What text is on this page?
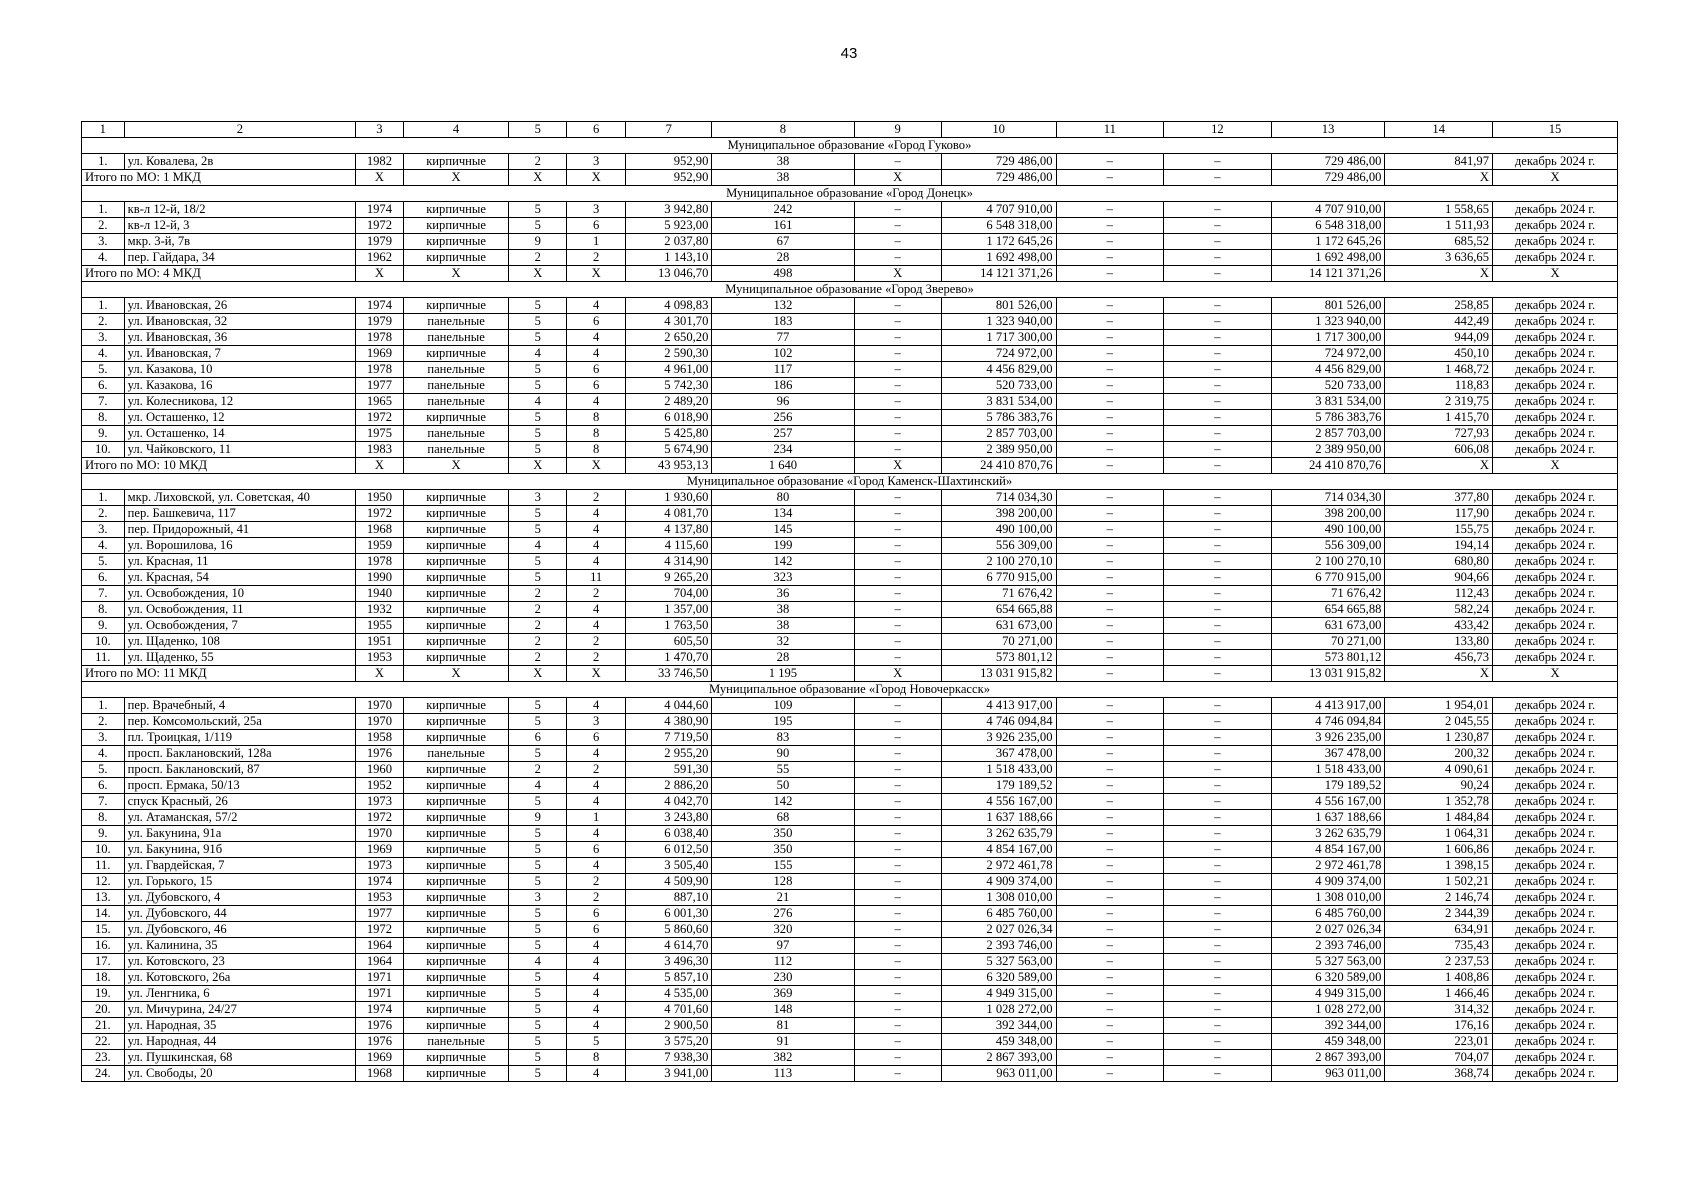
43
1	2	3	4	5	6	7	8	9	10	11	12	13	14	15
Муниципальное образование «Город Гуково»														
1.	ул. Ковалева, 2в	1982	кирпичные	2	3	952,90	38	–	729 486,00	–	–	729 486,00	841,97	декабрь 2024 г.
Итого по МО: 1 МКД		X	X	X	X	952,90	38	X	729 486,00	–	–	729 486,00	X	X
Муниципальное образование «Город Донецк»														
1.	кв-л 12-й, 18/2	1974	кирпичные	5	3	3 942,80	242	–	4 707 910,00	–	–	4 707 910,00	1 558,65	декабрь 2024 г.
2.	кв-л 12-й, 3	1972	кирпичные	5	6	5 923,00	161	–	6 548 318,00	–	–	6 548 318,00	1 511,93	декабрь 2024 г.
3.	мкр. 3-й, 7в	1979	кирпичные	9	1	2 037,80	67	–	1 172 645,26	–	–	1 172 645,26	685,52	декабрь 2024 г.
4.	пер. Гайдара, 34	1962	кирпичные	2	2	1 143,10	28	–	1 692 498,00	–	–	1 692 498,00	3 636,65	декабрь 2024 г.
Итого по МО: 4 МКД		X	X	X	X	13 046,70	498	X	14 121 371,26	–	–	14 121 371,26	X	X
Муниципальное образование «Город Зверево»														
1.	ул. Ивановская, 26	1974	кирпичные	5	4	4 098,83	132	–	801 526,00	–	–	801 526,00	258,85	декабрь 2024 г.
2.	ул. Ивановская, 32	1979	панельные	5	6	4 301,70	183	–	1 323 940,00	–	–	1 323 940,00	442,49	декабрь 2024 г.
3.	ул. Ивановская, 36	1978	панельные	5	4	2 650,20	77	–	1 717 300,00	–	–	1 717 300,00	944,09	декабрь 2024 г.
4.	ул. Ивановская, 7	1969	кирпичные	4	4	2 590,30	102	–	724 972,00	–	–	724 972,00	450,10	декабрь 2024 г.
5.	ул. Казакова, 10	1978	панельные	5	6	4 961,00	117	–	4 456 829,00	–	–	4 456 829,00	1 468,72	декабрь 2024 г.
6.	ул. Казакова, 16	1977	панельные	5	6	5 742,30	186	–	520 733,00	–	–	520 733,00	118,83	декабрь 2024 г.
7.	ул. Колесникова, 12	1965	панельные	4	4	2 489,20	96	–	3 831 534,00	–	–	3 831 534,00	2 319,75	декабрь 2024 г.
8.	ул. Осташенко, 12	1972	кирпичные	5	8	6 018,90	256	–	5 786 383,76	–	–	5 786 383,76	1 415,70	декабрь 2024 г.
9.	ул. Осташенко, 14	1975	панельные	5	8	5 425,80	257	–	2 857 703,00	–	–	2 857 703,00	727,93	декабрь 2024 г.
10.	ул. Чайковского, 11	1983	панельные	5	8	5 674,90	234	–	2 389 950,00	–	–	2 389 950,00	606,08	декабрь 2024 г.
Итого по МО: 10 МКД		X	X	X	X	43 953,13	1 640	X	24 410 870,76	–	–	24 410 870,76	X	X
Муниципальное образование «Город Каменск-Шахтинский»														
1.	мкр. Лиховской, ул. Советская, 40	1950	кирпичные	3	2	1 930,60	80	–	714 034,30	–	–	714 034,30	377,80	декабрь 2024 г.
2.	пер. Башкевича, 117	1972	кирпичные	5	4	4 081,70	134	–	398 200,00	–	–	398 200,00	117,90	декабрь 2024 г.
3.	пер. Придорожный, 41	1968	кирпичные	5	4	4 137,80	145	–	490 100,00	–	–	490 100,00	155,75	декабрь 2024 г.
4.	ул. Ворошилова, 16	1959	кирпичные	4	4	4 115,60	199	–	556 309,00	–	–	556 309,00	194,14	декабрь 2024 г.
5.	ул. Красная, 11	1978	кирпичные	5	4	4 314,90	142	–	2 100 270,10	–	–	2 100 270,10	680,80	декабрь 2024 г.
6.	ул. Красная, 54	1990	кирпичные	5	11	9 265,20	323	–	6 770 915,00	–	–	6 770 915,00	904,66	декабрь 2024 г.
7.	ул. Освобождения, 10	1940	кирпичные	2	2	704,00	36	–	71 676,42	–	–	71 676,42	112,43	декабрь 2024 г.
8.	ул. Освобождения, 11	1932	кирпичные	2	4	1 357,00	38	–	654 665,88	–	–	654 665,88	582,24	декабрь 2024 г.
9.	ул. Освобождения, 7	1955	кирпичные	2	4	1 763,50	38	–	631 673,00	–	–	631 673,00	433,42	декабрь 2024 г.
10.	ул. Щаденко, 108	1951	кирпичные	2	2	605,50	32	–	70 271,00	–	–	70 271,00	133,80	декабрь 2024 г.
11.	ул. Щаденко, 55	1953	кирпичные	2	2	1 470,70	28	–	573 801,12	–	–	573 801,12	456,73	декабрь 2024 г.
Итого по МО: 11 МКД		X	X	X	X	33 746,50	1 195	X	13 031 915,82	–	–	13 031 915,82	X	X
Муниципальное образование «Город Новочеркасск»														
1.	пер. Врачебный, 4	1970	кирпичные	5	4	4 044,60	109	–	4 413 917,00	–	–	4 413 917,00	1 954,01	декабрь 2024 г.
2.	пер. Комсомольский, 25а	1970	кирпичные	5	3	4 380,90	195	–	4 746 094,84	–	–	4 746 094,84	2 045,55	декабрь 2024 г.
3.	пл. Троицкая, 1/119	1958	кирпичные	6	6	7 719,50	83	–	3 926 235,00	–	–	3 926 235,00	1 230,87	декабрь 2024 г.
4.	просп. Баклановский, 128а	1976	панельные	5	4	2 955,20	90	–	367 478,00	–	–	367 478,00	200,32	декабрь 2024 г.
5.	просп. Баклановский, 87	1960	кирпичные	2	2	591,30	55	–	1 518 433,00	–	–	1 518 433,00	4 090,61	декабрь 2024 г.
6.	просп. Ермака, 50/13	1952	кирпичные	4	4	2 886,20	50	–	179 189,52	–	–	179 189,52	90,24	декабрь 2024 г.
7.	спуск Красный, 26	1973	кирпичные	5	4	4 042,70	142	–	4 556 167,00	–	–	4 556 167,00	1 352,78	декабрь 2024 г.
8.	ул. Атаманская, 57/2	1972	кирпичные	9	1	3 243,80	68	–	1 637 188,66	–	–	1 637 188,66	1 484,84	декабрь 2024 г.
9.	ул. Бакунина, 91а	1970	кирпичные	5	4	6 038,40	350	–	3 262 635,79	–	–	3 262 635,79	1 064,31	декабрь 2024 г.
10.	ул. Бакунина, 91б	1969	кирпичные	5	6	6 012,50	350	–	4 854 167,00	–	–	4 854 167,00	1 606,86	декабрь 2024 г.
11.	ул. Гвардейская, 7	1973	кирпичные	5	4	3 505,40	155	–	2 972 461,78	–	–	2 972 461,78	1 398,15	декабрь 2024 г.
12.	ул. Горького, 15	1974	кирпичные	5	2	4 509,90	128	–	4 909 374,00	–	–	4 909 374,00	1 502,21	декабрь 2024 г.
13.	ул. Дубовского, 4	1953	кирпичные	3	2	887,10	21	–	1 308 010,00	–	–	1 308 010,00	2 146,74	декабрь 2024 г.
14.	ул. Дубовского, 44	1977	кирпичные	5	6	6 001,30	276	–	6 485 760,00	–	–	6 485 760,00	2 344,39	декабрь 2024 г.
15.	ул. Дубовского, 46	1972	кирпичные	5	6	5 860,60	320	–	2 027 026,34	–	–	2 027 026,34	634,91	декабрь 2024 г.
16.	ул. Калинина, 35	1964	кирпичные	5	4	4 614,70	97	–	2 393 746,00	–	–	2 393 746,00	735,43	декабрь 2024 г.
17.	ул. Котовского, 23	1964	кирпичные	4	4	3 496,30	112	–	5 327 563,00	–	–	5 327 563,00	2 237,53	декабрь 2024 г.
18.	ул. Котовского, 26а	1971	кирпичные	5	4	5 857,10	230	–	6 320 589,00	–	–	6 320 589,00	1 408,86	декабрь 2024 г.
19.	ул. Ленгника, 6	1971	кирпичные	5	4	4 535,00	369	–	4 949 315,00	–	–	4 949 315,00	1 466,46	декабрь 2024 г.
20.	ул. Мичурина, 24/27	1974	кирпичные	5	4	4 701,60	148	–	1 028 272,00	–	–	1 028 272,00	314,32	декабрь 2024 г.
21.	ул. Народная, 35	1976	кирпичные	5	4	2 900,50	81	–	392 344,00	–	–	392 344,00	176,16	декабрь 2024 г.
22.	ул. Народная, 44	1976	панельные	5	5	3 575,20	91	–	459 348,00	–	–	459 348,00	223,01	декабрь 2024 г.
23.	ул. Пушкинская, 68	1969	кирпичные	5	8	7 938,30	382	–	2 867 393,00	–	–	2 867 393,00	704,07	декабрь 2024 г.
24.	ул. Свободы, 20	1968	кирпичные	5	4	3 941,00	113	–	963 011,00	–	–	963 011,00	368,74	декабрь 2024 г.
